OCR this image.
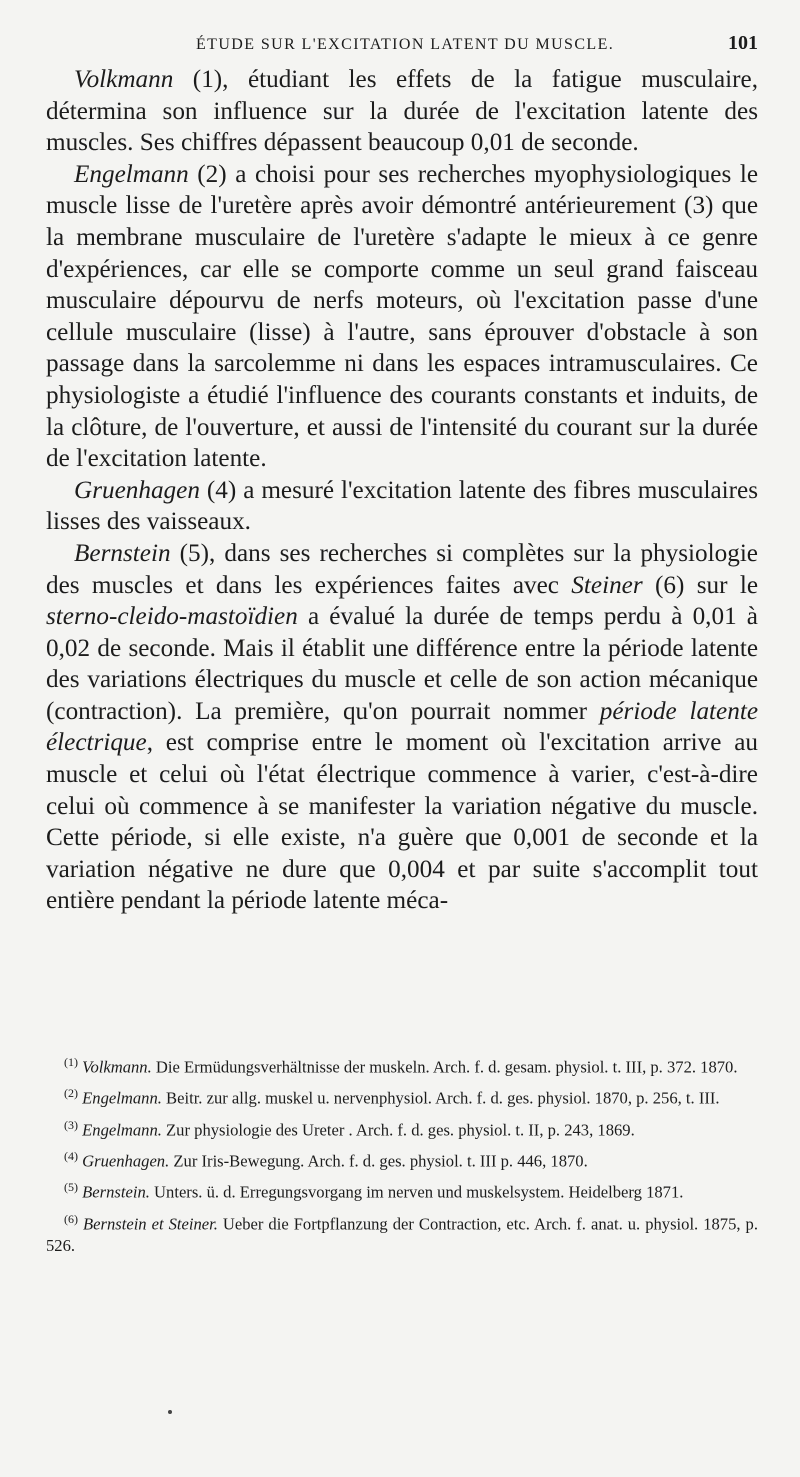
ÉTUDE SUR L'EXCITATION LATENT DU MUSCLE.	101

Volkmann (1), étudiant les effets de la fatigue musculaire, détermina son influence sur la durée de l'excitation latente des muscles. Ses chiffres dépassent beaucoup 0,01 de seconde.

Engelmann (2) a choisi pour ses recherches myophysiologiques le muscle lisse de l'uretère après avoir démontré antérieurement (3) que la membrane musculaire de l'uretère s'adapte le mieux à ce genre d'expériences, car elle se comporte comme un seul grand faisceau musculaire dépourvu de nerfs moteurs, où l'excitation passe d'une cellule musculaire (lisse) à l'autre, sans éprouver d'obstacle à son passage dans la sarcolemme ni dans les espaces intramusculaires. Ce physiologiste a étudié l'influence des courants constants et induits, de la clôture, de l'ouverture, et aussi de l'intensité du courant sur la durée de l'excitation latente.

Gruenhagen (4) a mesuré l'excitation latente des fibres musculaires lisses des vaisseaux.

Bernstein (5), dans ses recherches si complètes sur la physiologie des muscles et dans les expériences faites avec Steiner (6) sur le sterno-cleido-mastoïdien a évalué la durée de temps perdu à 0,01 à 0,02 de seconde. Mais il établit une différence entre la période latente des variations électriques du muscle et celle de son action mécanique (contraction). La première, qu'on pourrait nommer période latente électrique, est comprise entre le moment où l'excitation arrive au muscle et celui où l'état électrique commence à varier, c'est-à-dire celui où commence à se manifester la variation négative du muscle. Cette période, si elle existe, n'a guère que 0,001 de seconde et la variation négative ne dure que 0,004 et par suite s'accomplit tout entière pendant la période latente méca-

$^{(1)}$ Volkmann. Die Ermüdungsverhältnisse der muskeln. Arch. f. d. gesam. physiol. t. III, p. 372. 1870.

$^{(2)}$ Engelmann. Beitr. zur allg. muskel u. nervenphysiol. Arch. f. d. ges. physiol. 1870, p. 256, t. III.

$^{(3)}$ Engelmann. Zur physiologie des Ureter . Arch. f. d. ges. physiol. t. II, p. 243, 1869.

$^{(4)}$ Gruenhagen. Zur Iris-Bewegung. Arch. f. d. ges. physiol. t. III p. 446, 1870.

$^{(5)}$ Bernstein. Unters. ü. d. Erregungsvorgang im nerven und muskelsystem. Heidelberg 1871.

$^{(6)}$ Bernstein et Steiner. Ueber die Fortpflanzung der Contraction, etc. Arch. f. anat. u. physiol. 1875, p. 526.
